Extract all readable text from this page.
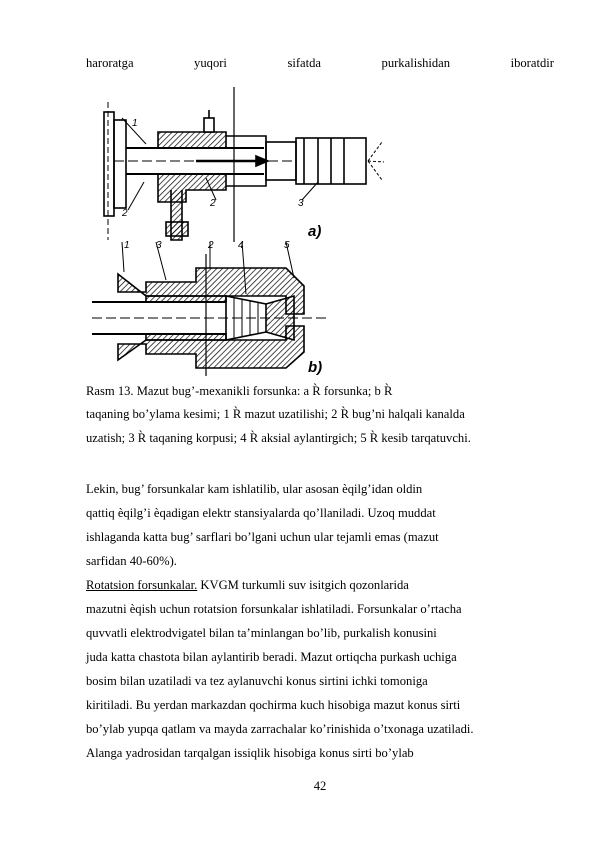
haroratga	yuqori	sifatda	purkalishidan	iboratdir
1
2
2	3
a)
1	3	2 4	5
b)
Rasm 13. Mazut bug’-mexanikli forsunka: a R̀ forsunka; b R̀
taqaning bo’ylama kesimi; 1 R̀ mazut uzatilishi; 2 R̀ bug’ni halqali kanalda
uzatish; 3 R̀ taqaning korpusi; 4 R̀ aksial aylantirgich; 5 R̀ kesib tarqatuvchi.
Lekin, bug’ forsunkalar kam ishlatilib, ular asosan ѐqilg’idan oldin
qattiq ѐqilg’i ѐqadigan elektr stansiyalarda qo’llaniladi. Uzoq muddat
ishlaganda katta bug’ sarflari bo’lgani uchun ular tejamli emas (mazut
sarfidan 40-60%).
Rotatsion forsunkalar. KVGM turkumli suv isitgich qozonlarida
mazutni ѐqish uchun rotatsion forsunkalar ishlatiladi. Forsunkalar o’rtacha
quvvatli elektrodvigatel bilan ta’minlangan bo’lib, purkalish konusini
juda katta chastota bilan aylantirib beradi. Mazut ortiqcha purkash uchiga
bosim bilan uzatiladi va tez aylanuvchi konus sirtini ichki tomoniga
kiritiladi. Bu yerdan markazdan qochirma kuch hisobiga mazut konus sirti
bo’ylab yupqa qatlam va mayda zarrachalar ko’rinishida o’txonaga uzatiladi.
Alanga yadrosidan tarqalgan issiqlik hisobiga konus sirti bo’ylab
42
